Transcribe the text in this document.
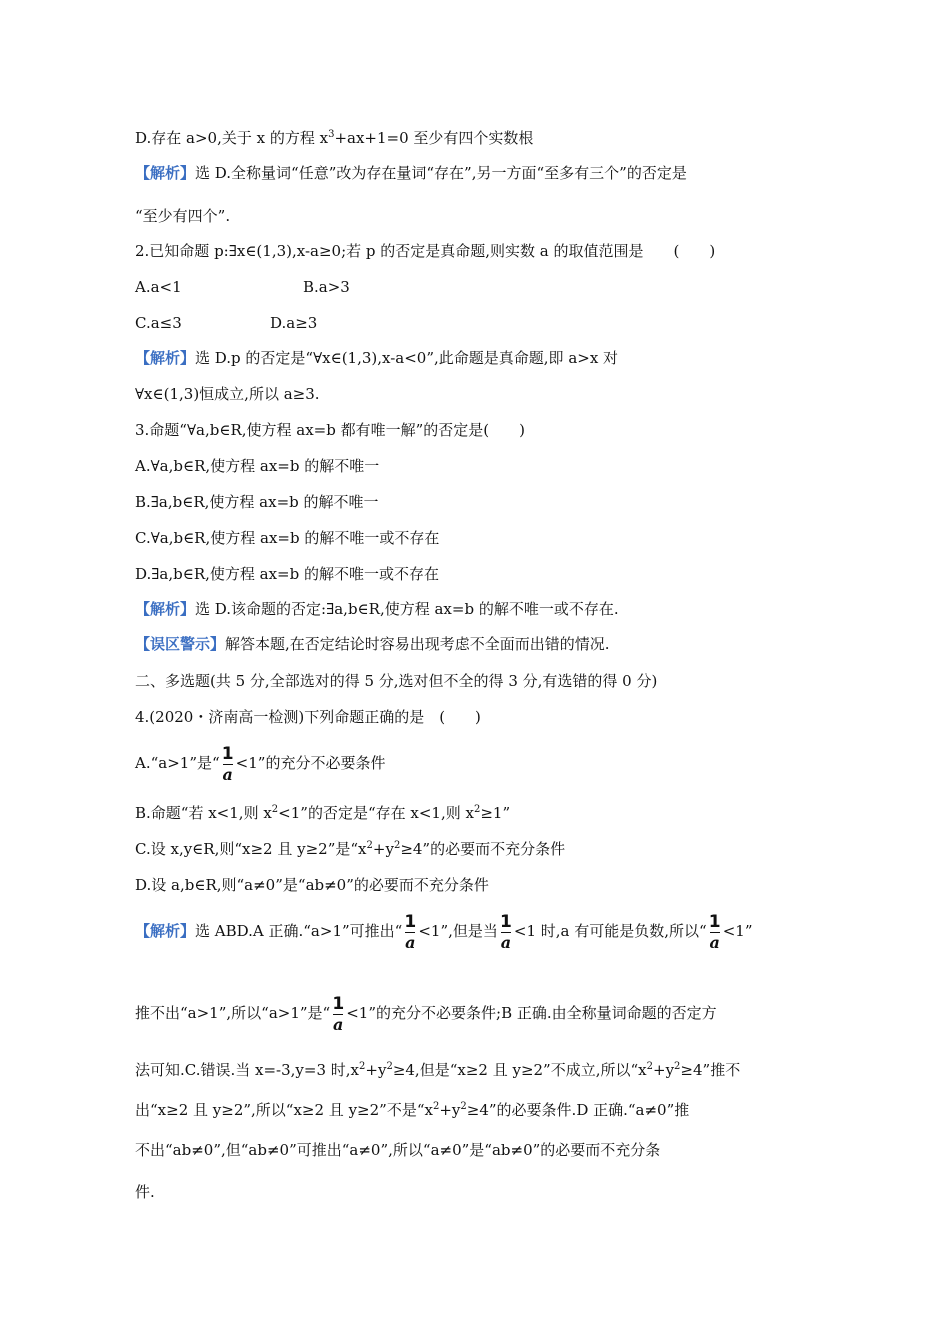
D.存在 a>0,关于 x 的方程 $x^3+ax+1=0$ 至少有四个实数根
【解析】选 D.全称量词“任意”改为存在量词“存在”,另一方面“至多有三个”的否定是
“至少有四个”.
2.已知命题 p:∃x∈(1,3),x-a≥0;若 p 的否定是真命题,则实数 a 的取值范围是　　(　　)
A.a<1	B.a>3
C.a≤3	D.a≥3
【解析】选 D.p 的否定是“∀x∈(1,3),x-a<0”,此命题是真命题,即 a>x 对
∀x∈(1,3)恒成立,所以 a≥3.
3.命题“∀a,b∈R,使方程 ax=b 都有唯一解”的否定是(　　)
A.∀a,b∈R,使方程 ax=b 的解不唯一
B.∃a,b∈R,使方程 ax=b 的解不唯一
C.∀a,b∈R,使方程 ax=b 的解不唯一或不存在
D.∃a,b∈R,使方程 ax=b 的解不唯一或不存在
【解析】选 D.该命题的否定:∃a,b∈R,使方程 ax=b 的解不唯一或不存在.
【误区警示】解答本题,在否定结论时容易出现考虑不全面而出错的情况.
二、多选题(共 5 分,全部选对的得 5 分,选对但不全的得 3 分,有选错的得 0 分)
4.(2020・济南高一检测)下列命题正确的是　(　　)
A.“a>1”是“ $\frac{1}{a} <1$”的充分不必要条件
B.命题“若 x<1,则 $x^2<1$”的否定是“存在 x<1,则 $x^2\ge 1$”
C.设 x,y∈R,则“x≥2 且 y≥2”是“$x^2+y^2\ge 4$”的必要而不充分条件
D.设 a,b∈R,则“a≠0”是“ab≠0”的必要而不充分条件
【解析】选 ABD.A 正确.“a>1”可推出“ $\frac{1}{a} <1$”,但是当 $\frac{1}{a} <1$ 时,a 有可能是负数,所以“ $\frac{1}{a} <1$”
推不出“a>1”,所以“a>1”是“ $\frac{1}{a} <1$”的充分不必要条件;B 正确.由全称量词命题的否定方
法可知.C.错误.当 x=-3,y=3 时$,x^2+y^2\ge 4$,但是“x≥2 且 y≥2”不成立,所以“$x^2+y^2\ge 4$”推不
出“x≥2 且 y≥2”,所以“x≥2 且 y≥2”不是“$x^2+y^2\ge 4$”的必要条件.D 正确.“a≠0”推
不出“ab≠0”,但“ab≠0”可推出“a≠0”,所以“a≠0”是“ab≠0”的必要而不充分条
件.
